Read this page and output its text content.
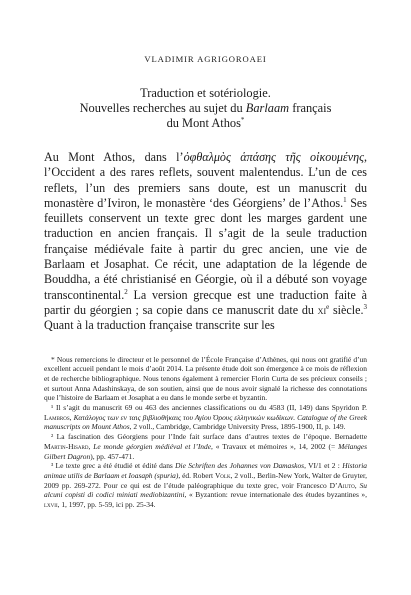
VLADIMIR AGRIGOROAEI

Traduction et sotériologie.
Nouvelles recherches au sujet du Barlaam français
du Mont Athos*

Au Mont Athos, dans l’ὀφθαλμὸς ἁπάσης τῆς οἰκουμένης, l’Occident a des rares reflets, souvent malentendus. L’un de ces reflets, l’un des premiers sans doute, est un manuscrit du monastère d’Iviron, le monastère ‘des Géorgiens’ de l’Athos.$^1$ Ses feuillets conservent un texte grec dont les marges gardent une traduction en ancien français. Il s’agit de la seule traduction française médiévale faite à partir du grec ancien, une vie de Barlaam et Josaphat. Ce récit, une adaptation de la légende de Bouddha, a été christianisé en Géorgie, où il a débuté son voyage transcontinental.$^2$ La version grecque est une traduction faite à partir du géorgien ; sa copie dans ce manuscrit date du $xi^e$ siècle.$^3$ Quant à la traduction française transcrite sur les

* Nous remercions le directeur et le personnel de l’École Française d’Athènes, qui nous ont gratifié d’un excellent accueil pendant le mois d’août 2014. La présente étude doit son émergence à ce mois de réflexion et de recherche bibliographique. Nous tenons également à remercier Florin Curta de ses précieux conseils ; et surtout Anna Adashinskaya, de son soutien, ainsi que de nous avoir signalé la richesse des connotations que l’histoire de Barlaam et Josaphat a eu dans le monde serbe et byzantin.

¹ Il s’agit du manuscrit 69 ou 463 des anciennes classifications ou du 4583 (II, 149) dans Spyridon P. Lambros, Κατάλογος των εν ταις βιβλιοθήκαις του Αγίου Όρους ελληνικών κωδίκων. Catalogue of the Greek manuscripts on Mount Athos, 2 voll., Cambridge, Cambridge University Press, 1895-1900, II, p. 149.

² La fascination des Géorgiens pour l’Inde fait surface dans d’autres textes de l’époque. Bernadette Martin-Hisard, Le monde géorgien médiéval et l’Inde, « Travaux et mémoires », 14, 2002 (= Mélanges Gilbert Dagron), pp. 457-471.

³ Le texte grec a été étudié et édité dans Die Schriften des Johannes von Damaskos, VI/1 et 2 : Historia animae utilis de Barlaam et Ioasaph (spuria), éd. Robert Volk, 2 voll., Berlin-New York, Walter de Gruyter, 2009 pp. 269-272. Pour ce qui est de l’étude paléographique du texte grec, voir Francesco D’Aiuto, Su alcuni copisti di codici miniati mediobizantini, « Byzantion: revue internationale des études byzantines », lxvii, 1, 1997, pp. 5-59, ici pp. 25-34.
